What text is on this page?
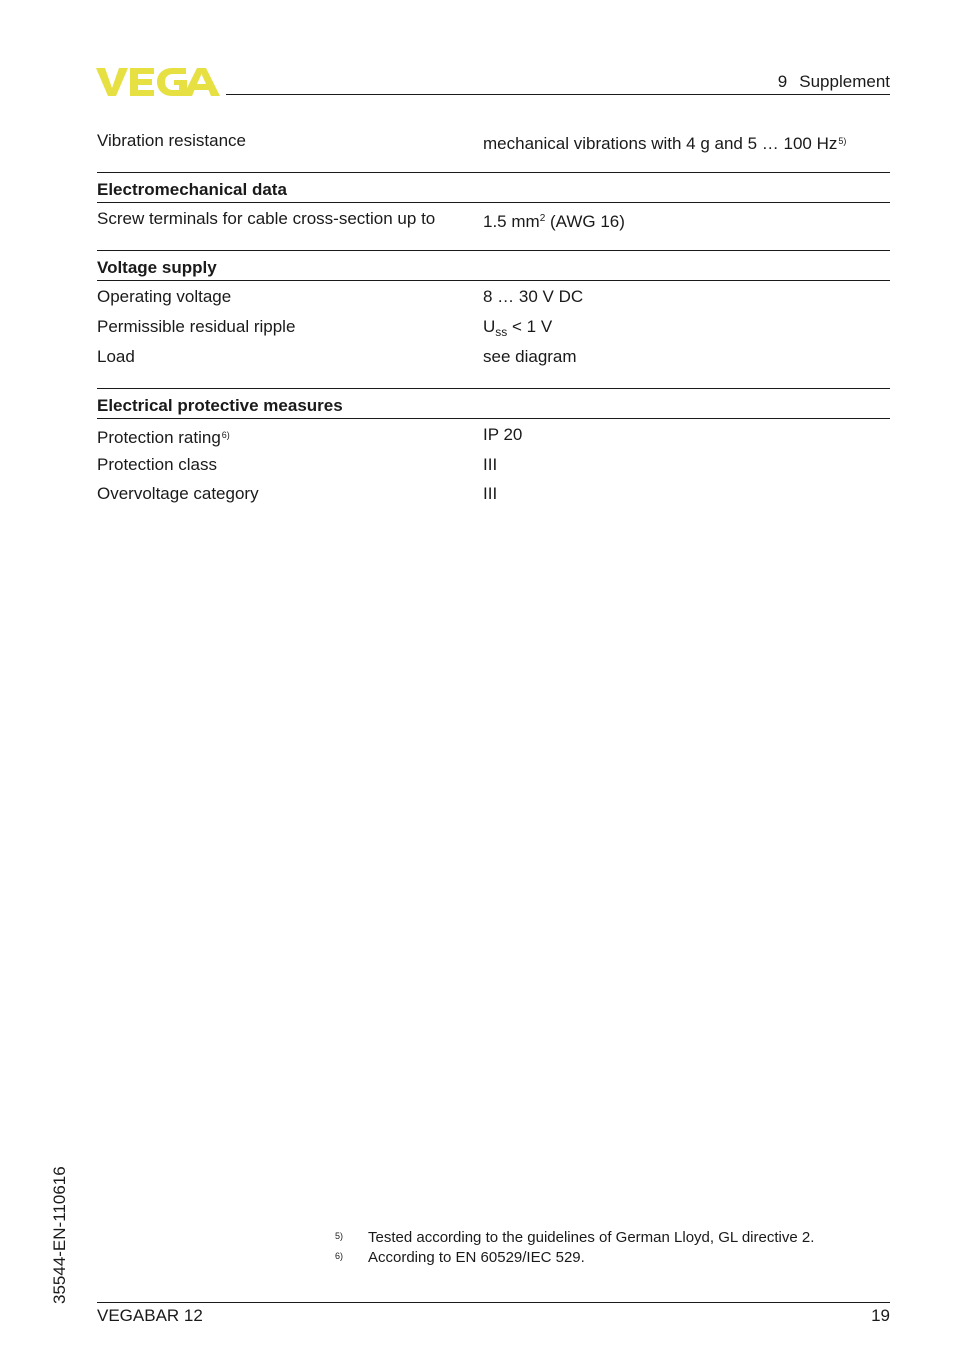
VEGA
9 Supplement
Vibration resistance	mechanical vibrations with 4 g and 5 … 100 Hz$^{5)}$
Electromechanical data
Screw terminals for cable cross-section up to	1.5 $mm^2$ (AWG 16)
Voltage supply
Operating voltage	8 … 30 V DC
Permissible residual ripple	$U_{ss} < 1$ V
Load	see diagram
Electrical protective measures
Protection rating$^{6)}$	IP 20
Protection class	III
Overvoltage category	III
35544-EN-110616	5) Tested according to the guidelines of German Lloyd, GL directive 2.
6) According to EN 60529/IEC 529.
VEGABAR 12	19
